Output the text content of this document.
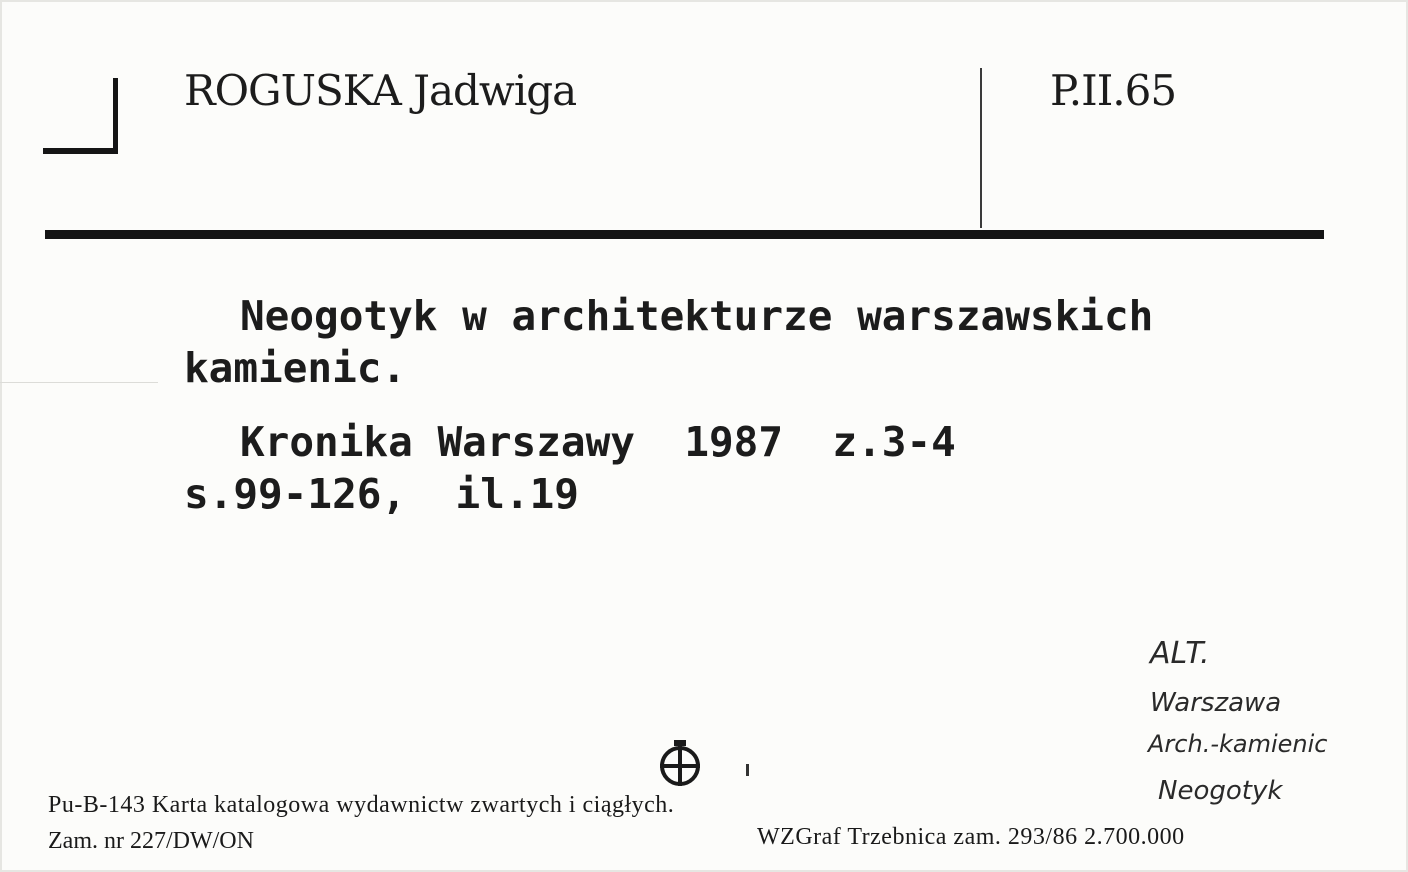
ROGUSKA Jadwiga	P.II.65
Neogotyk w architekturze warszawskich
kamienic.
Kronika Warszawy  1987  z.3-4
s.99-126,  il.19
ALT.
Warszawa
Arch.-kamienic
Neogotyk
Pu-B-143 Karta katalogowa wydawnictw zwartych i ciągłych.
Zam. nr 227/DW/ON	WZGraf Trzebnica zam. 293/86 2.700.000
